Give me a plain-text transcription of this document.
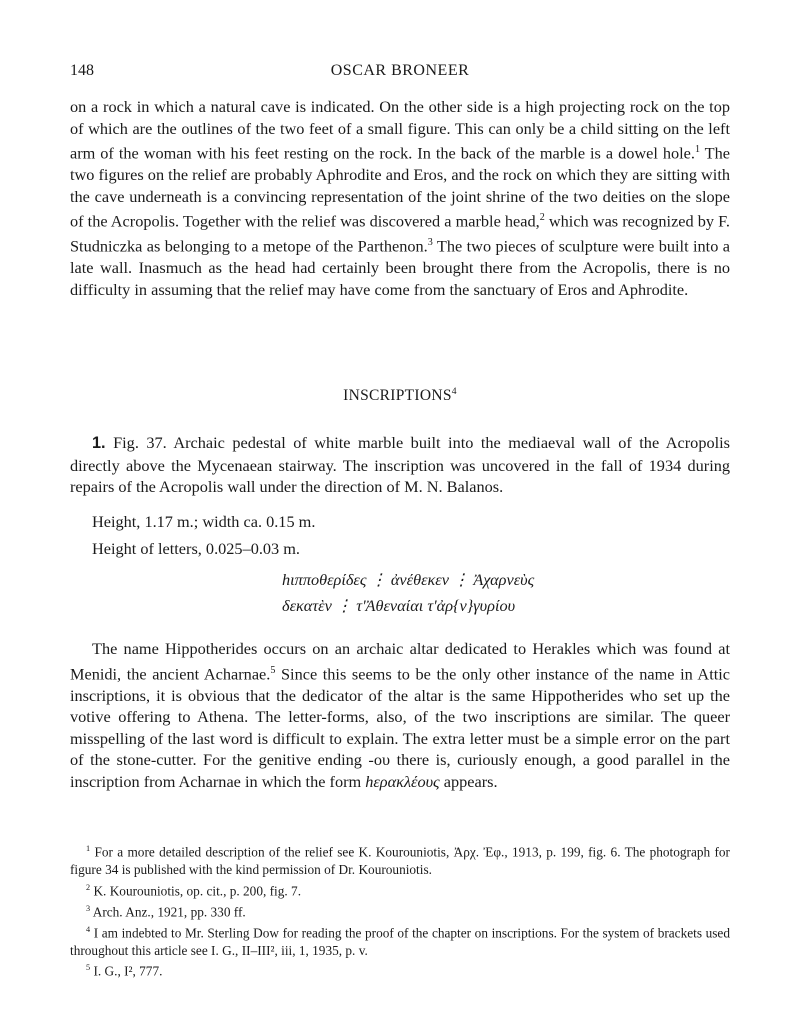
148	OSCAR BRONEER

on a rock in which a natural cave is indicated. On the other side is a high projecting rock on the top of which are the outlines of the two feet of a small figure. This can only be a child sitting on the left arm of the woman with his feet resting on the rock. In the back of the marble is a dowel hole.$^1$ The two figures on the relief are probably Aphrodite and Eros, and the rock on which they are sitting with the cave underneath is a convincing representation of the joint shrine of the two deities on the slope of the Acropolis. Together with the relief was discovered a marble head,$^2$ which was recognized by F. Studniczka as belonging to a metope of the Parthenon.$^3$ The two pieces of sculpture were built into a late wall. Inasmuch as the head had certainly been brought there from the Acropolis, there is no difficulty in assuming that the relief may have come from the sanctuary of Eros and Aphrodite.

INSCRIPTIONS$^4$

1. Fig. 37. Archaic pedestal of white marble built into the mediaeval wall of the Acropolis directly above the Mycenaean stairway. The inscription was uncovered in the fall of 1934 during repairs of the Acropolis wall under the direction of M. N. Balanos.

Height, 1.17 m.; width ca. 0.15 m.
Height of letters, 0.025–0.03 m.
hιπποθερίδες ⋮ ἀνέθεκεν ⋮ Ἀχαρνεὺς
δεκατὲν ⋮ τ'Ἀθεναίαι τ'ἀρ{ν}γυρίου

The name Hippotherides occurs on an archaic altar dedicated to Herakles which was found at Menidi, the ancient Acharnae.$^5$ Since this seems to be the only other instance of the name in Attic inscriptions, it is obvious that the dedicator of the altar is the same Hippotherides who set up the votive offering to Athena. The letter-forms, also, of the two inscriptions are similar. The queer misspelling of the last word is difficult to explain. The extra letter must be a simple error on the part of the stone-cutter. For the genitive ending -ου there is, curiously enough, a good parallel in the inscription from Acharnae in which the form hερακλέους appears.

$^1$ For a more detailed description of the relief see K. Kourouniotis, Ἀρχ. Ἐφ., 1913, p. 199, fig. 6. The photograph for figure 34 is published with the kind permission of Dr. Kourouniotis.

$^2$ K. Kourouniotis, op. cit., p. 200, fig. 7.

$^3$ Arch. Anz., 1921, pp. 330 ff.

$^4$ I am indebted to Mr. Sterling Dow for reading the proof of the chapter on inscriptions. For the system of brackets used throughout this article see I. G., II–III², iii, 1, 1935, p. v.

$^5$ I. G., I², 777.
